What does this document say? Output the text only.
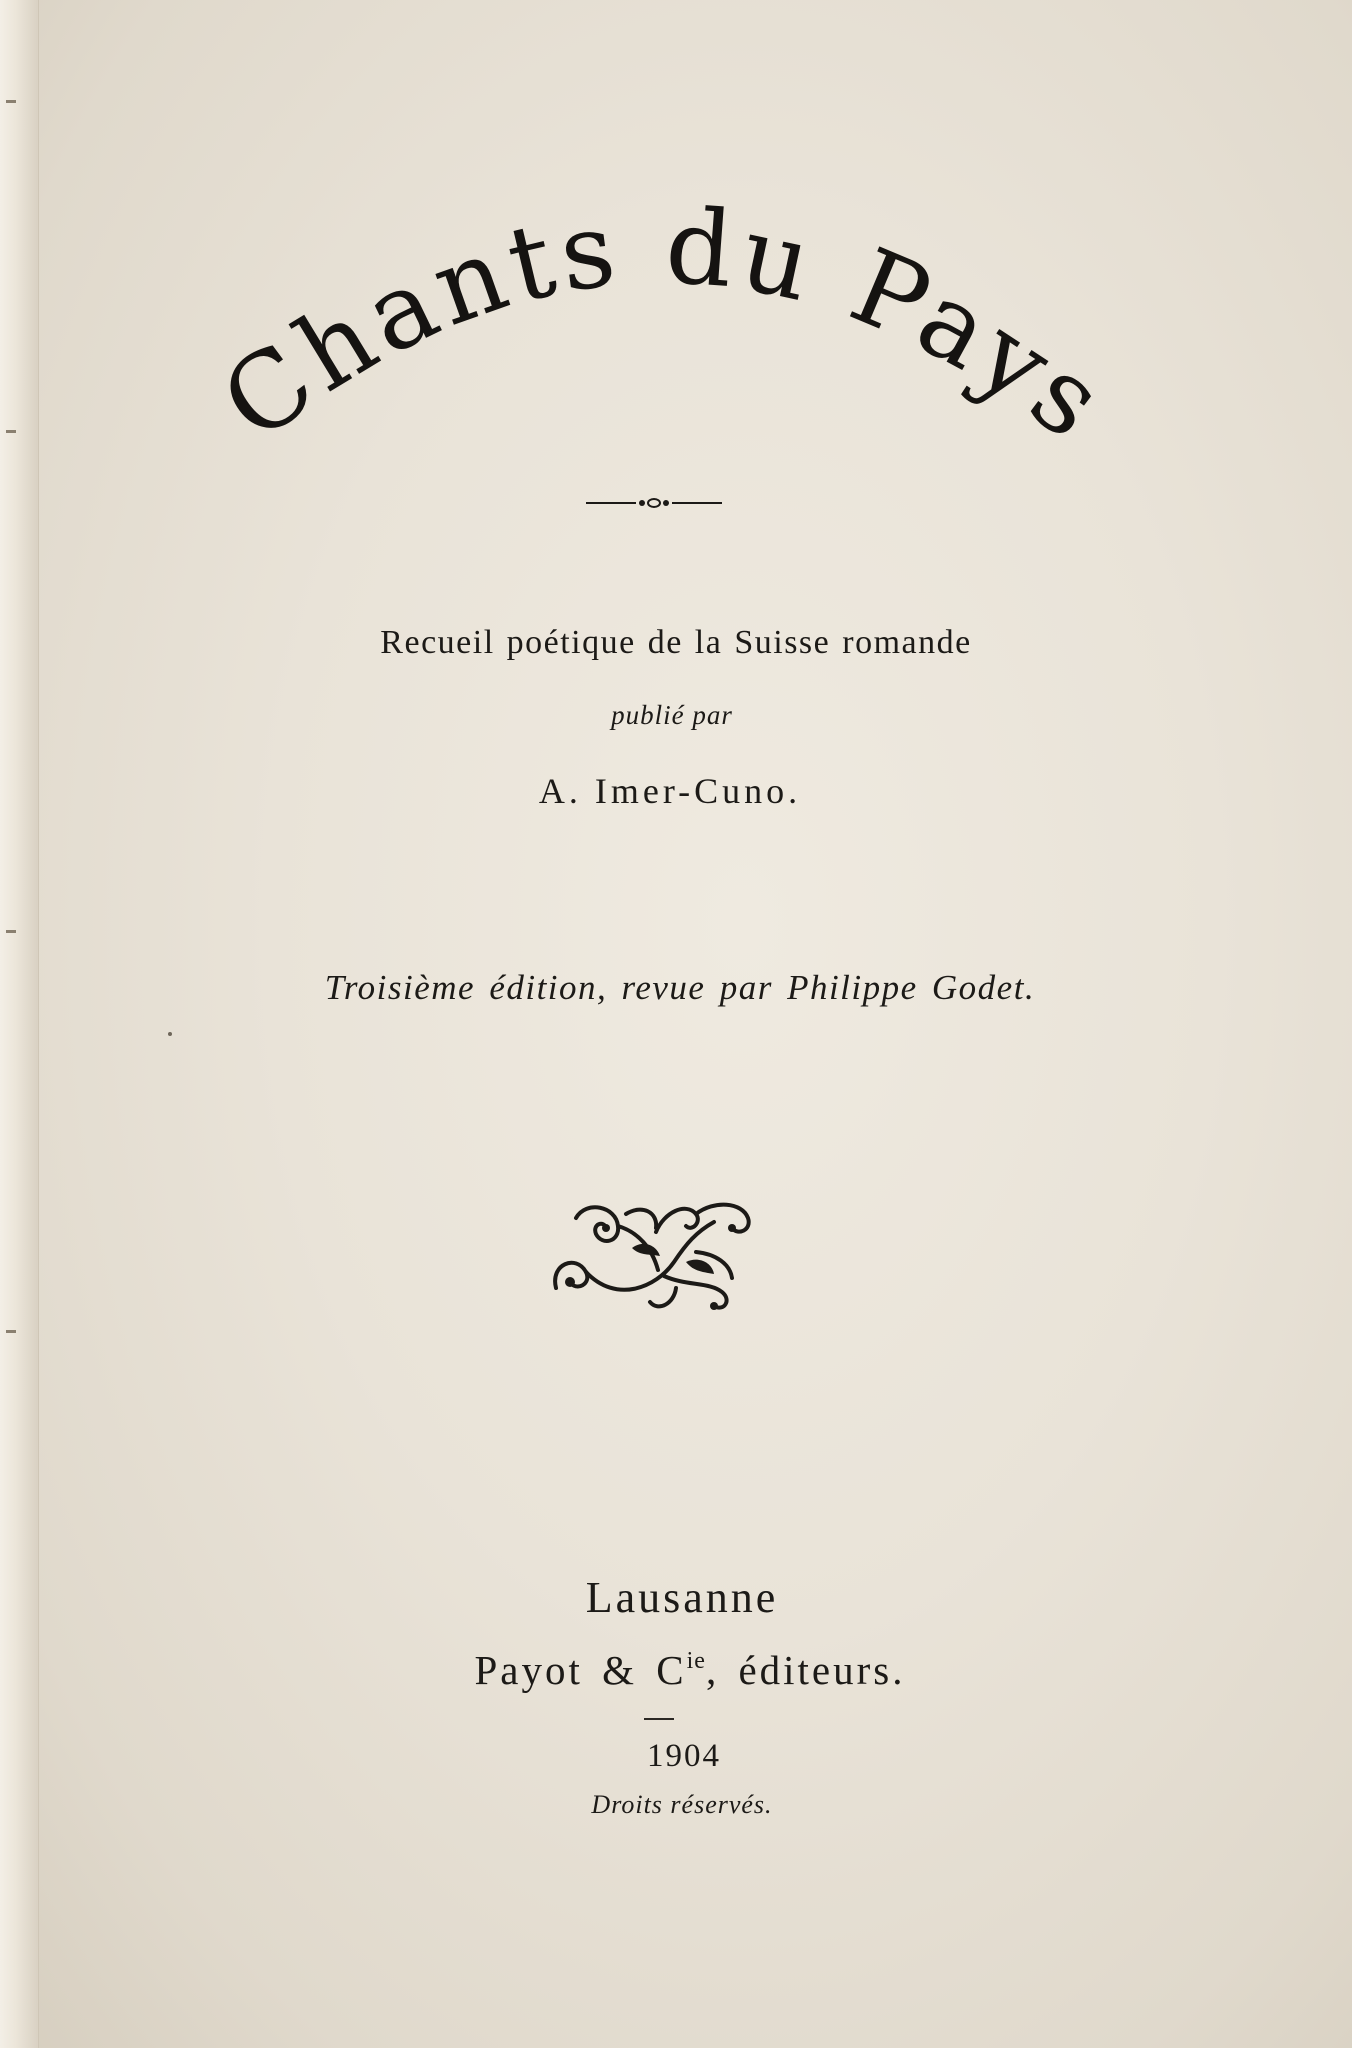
Chants du Pays
Recueil poétique de la Suisse romande
publié par
A. Imer-Cuno.
Troisième édition, revue par Philippe Godet.
Lausanne
Payot & $C^{ie}$, éditeurs.
1904
Droits réservés.
